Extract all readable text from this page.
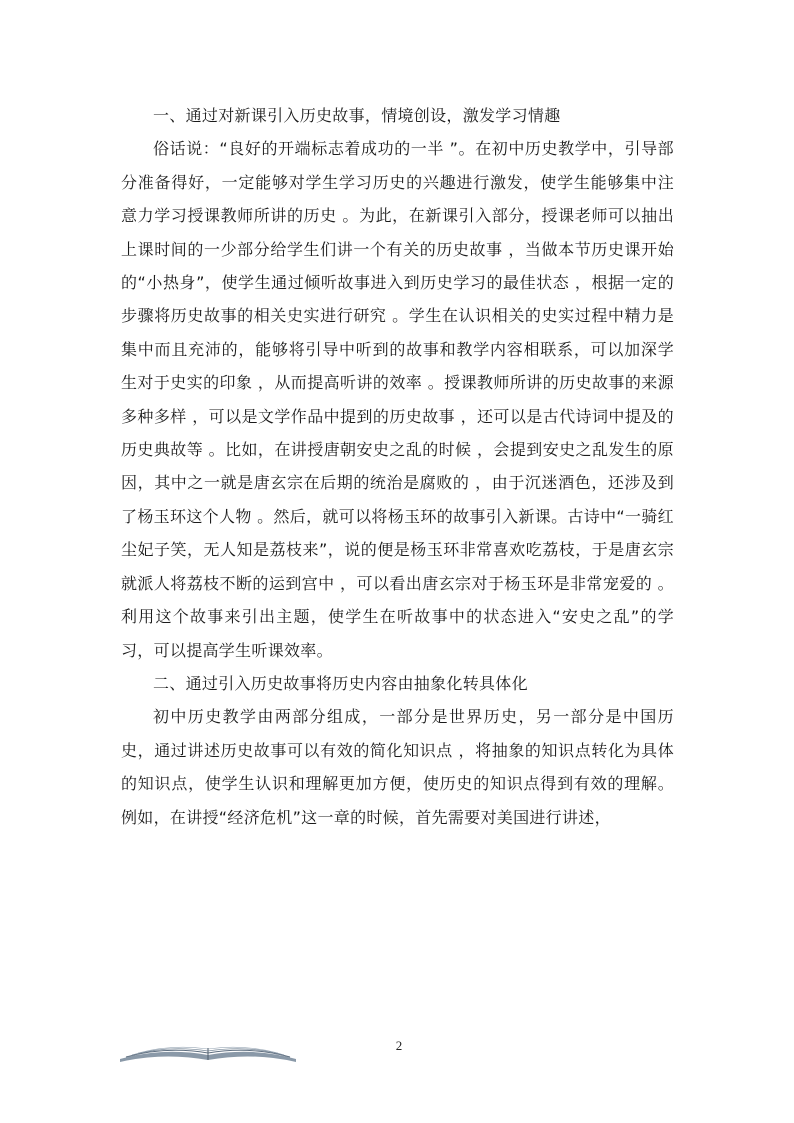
一、通过对新课引入历史故事，情境创设，激发学习情趣

俗话说：“良好的开端标志着成功的一半 ”。在初中历史教学中，引导部分准备得好，一定能够对学生学习历史的兴趣进行激发，使学生能够集中注意力学习授课教师所讲的历史 。为此，在新课引入部分，授课老师可以抽出上课时间的一少部分给学生们讲一个有关的历史故事 ，当做本节历史课开始的“小热身”，使学生通过倾听故事进入到历史学习的最佳状态 ，根据一定的步骤将历史故事的相关史实进行研究 。学生在认识相关的史实过程中精力是集中而且充沛的，能够将引导中听到的故事和教学内容相联系，可以加深学生对于史实的印象 ，从而提高听讲的效率 。授课教师所讲的历史故事的来源多种多样 ，可以是文学作品中提到的历史故事 ，还可以是古代诗词中提及的历史典故等 。比如，在讲授唐朝安史之乱的时候 ，会提到安史之乱发生的原因，其中之一就是唐玄宗在后期的统治是腐败的 ，由于沉迷酒色，还涉及到了杨玉环这个人物 。然后，就可以将杨玉环的故事引入新课。古诗中“一骑红尘妃子笑，无人知是荔枝来”，说的便是杨玉环非常喜欢吃荔枝，于是唐玄宗就派人将荔枝不断的运到宫中 ，可以看出唐玄宗对于杨玉环是非常宠爱的 。利用这个故事来引出主题，使学生在听故事中的状态进入“安史之乱”的学习，可以提高学生听课效率。

二、通过引入历史故事将历史内容由抽象化转具体化

初中历史教学由两部分组成，一部分是世界历史，另一部分是中国历史，通过讲述历史故事可以有效的简化知识点 ，将抽象的知识点转化为具体的知识点，使学生认识和理解更加方便，使历史的知识点得到有效的理解。例如，在讲授“经济危机”这一章的时候，首先需要对美国进行讲述，

2
